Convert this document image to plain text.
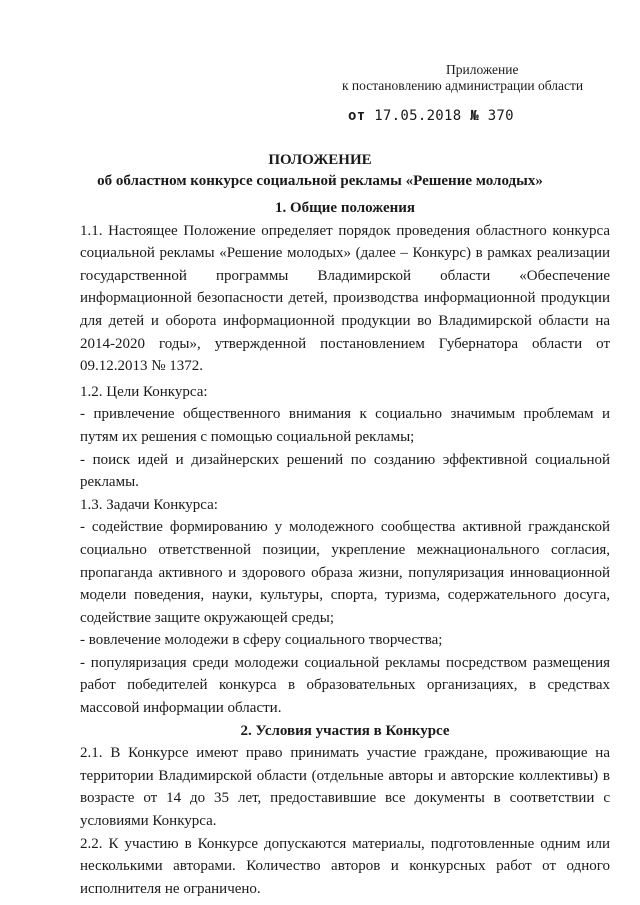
Приложение
к постановлению администрации области
от 17.05.2018 № 370
ПОЛОЖЕНИЕ
об областном конкурсе социальной рекламы «Решение молодых»
1. Общие положения
1.1. Настоящее Положение определяет порядок проведения областного конкурса социальной рекламы «Решение молодых» (далее – Конкурс) в рамках реализации государственной программы Владимирской области «Обеспечение информационной безопасности детей, производства информационной продукции для детей и оборота информационной продукции во Владимирской области на 2014-2020 годы», утвержденной постановлением Губернатора области от 09.12.2013 № 1372.
1.2. Цели Конкурса:
- привлечение общественного внимания к социально значимым проблемам и путям их решения с помощью социальной рекламы;
- поиск идей и дизайнерских решений по созданию эффективной социальной рекламы.
1.3. Задачи Конкурса:
- содействие формированию у молодежного сообщества активной гражданской социально ответственной позиции, укрепление межнационального согласия, пропаганда активного и здорового образа жизни, популяризация инновационной модели поведения, науки, культуры, спорта, туризма, содержательного досуга, содействие защите окружающей среды;
- вовлечение молодежи в сферу социального творчества;
- популяризация среди молодежи социальной рекламы посредством размещения работ победителей конкурса в образовательных организациях, в средствах массовой информации области.
2. Условия участия в Конкурсе
2.1. В Конкурсе имеют право принимать участие граждане, проживающие на территории Владимирской области (отдельные авторы и авторские коллективы) в возрасте от 14 до 35 лет, предоставившие все документы в соответствии с условиями Конкурса.
2.2. К участию в Конкурсе допускаются материалы, подготовленные одним или несколькими авторами. Количество авторов и конкурсных работ от одного исполнителя не ограничено.
